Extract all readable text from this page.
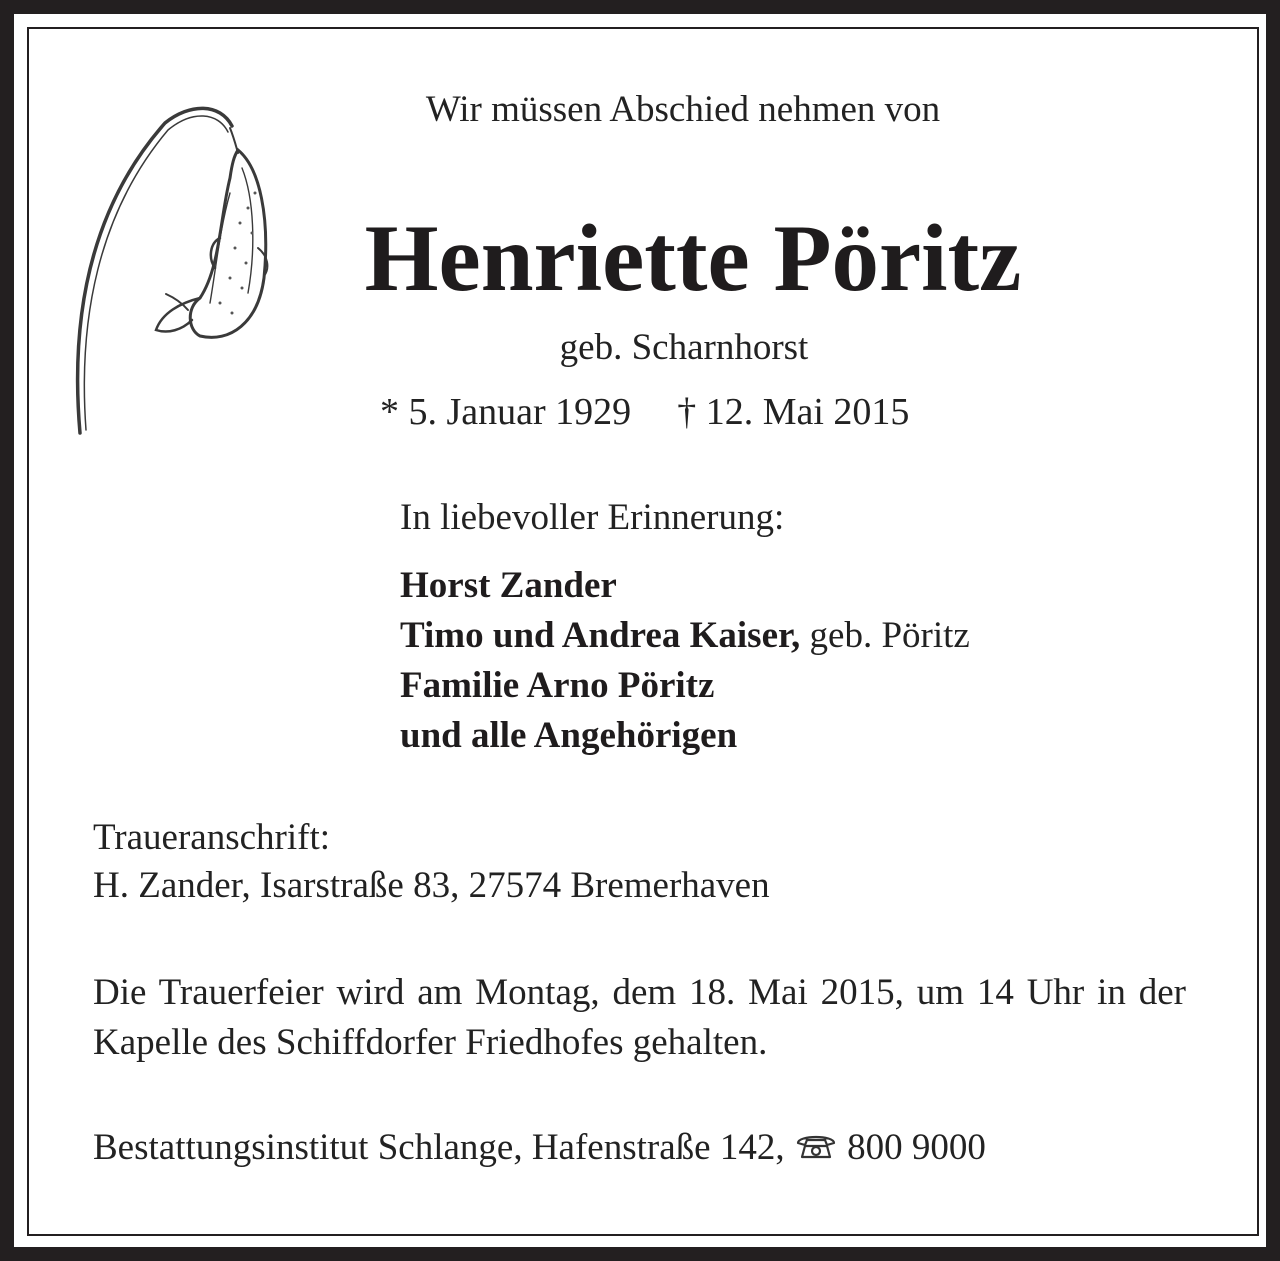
Wir müssen Abschied nehmen von
Henriette Pöritz
geb. Scharnhorst
* 5. Januar 1929 † 12. Mai 2015
In liebevoller Erinnerung:
Horst Zander
Timo und Andrea Kaiser, geb. Pöritz
Familie Arno Pöritz
und alle Angehörigen
Traueranschrift:
H. Zander, Isarstraße 83, 27574 Bremerhaven
Die Trauerfeier wird am Montag, dem 18. Mai 2015, um 14 Uhr in der Kapelle des Schiffdorfer Friedhofes gehalten.
Bestattungsinstitut Schlange, Hafenstraße 142, 800 9000
